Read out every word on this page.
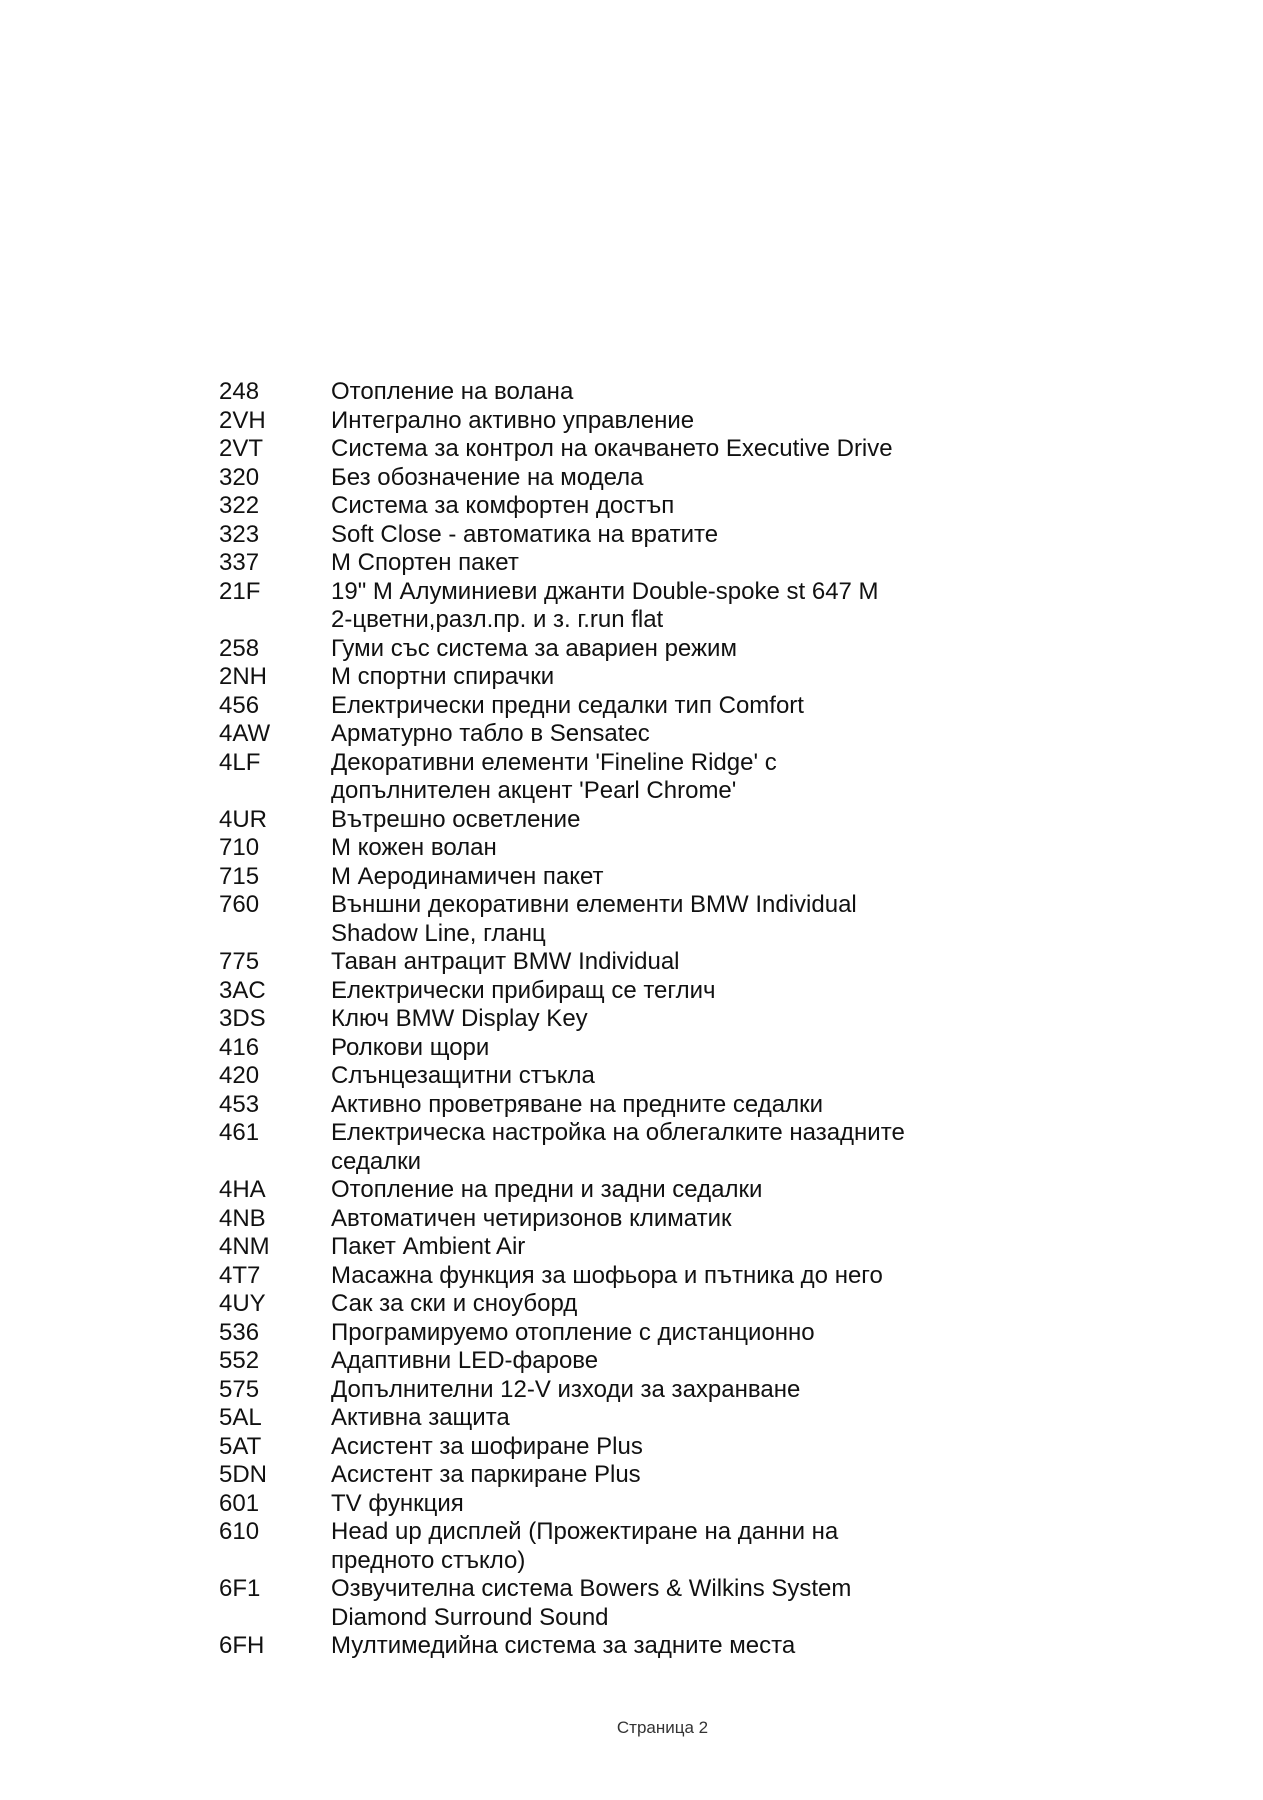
248	Отопление на волана
2VH	Интегрално активно управление
2VT	Система за контрол на окачването Executive Drive
320	Без обозначение на модела
322	Система за комфортен достъп
323	Soft Close - автоматика на вратите
337	M Спортен пакет
21F	19" M Алуминиеви джанти Double-spoke st 647 M
2-цветни,разл.пр. и з. г.run flat
258	Гуми със система за авариен режим
2NH	M спортни спирачки
456	Електрически предни седалки тип Comfort
4AW	Арматурно табло в Sensatec
4LF	Декоративни елементи 'Fineline Ridge' с
допълнителен акцент 'Pearl Chrome'
4UR	Вътрешно осветление
710	M кожен волан
715	M Аеродинамичен пакет
760	Външни декоративни елементи BMW Individual
Shadow Line, гланц
775	Таван антрацит BMW Individual
3AC	Електрически прибиращ се теглич
3DS	Ключ BMW Display Key
416	Ролкови щори
420	Слънцезащитни стъкла
453	Активно проветряване на предните седалки
461	Електрическа настройка на облегалките назадните
седалки
4HA	Отопление на предни и задни седалки
4NB	Автоматичен четиризонов климатик
4NM	Пакет Ambient Air
4T7	Масажна функция за шофьора и пътника до него
4UY	Сак за ски и сноуборд
536	Програмируемо отопление с дистанционно
552	Адаптивни LED-фарове
575	Допълнителни 12-V изходи за захранване
5AL	Активна защита
5AT	Асистент за шофиране Plus
5DN	Асистент за паркиране Plus
601	TV функция
610	Head up дисплей (Прожектиране на данни на
предното стъкло)
6F1	Озвучителна система Bowers & Wilkins System
Diamond Surround Sound
6FH	Мултимедийна система за задните места
Страница 2
